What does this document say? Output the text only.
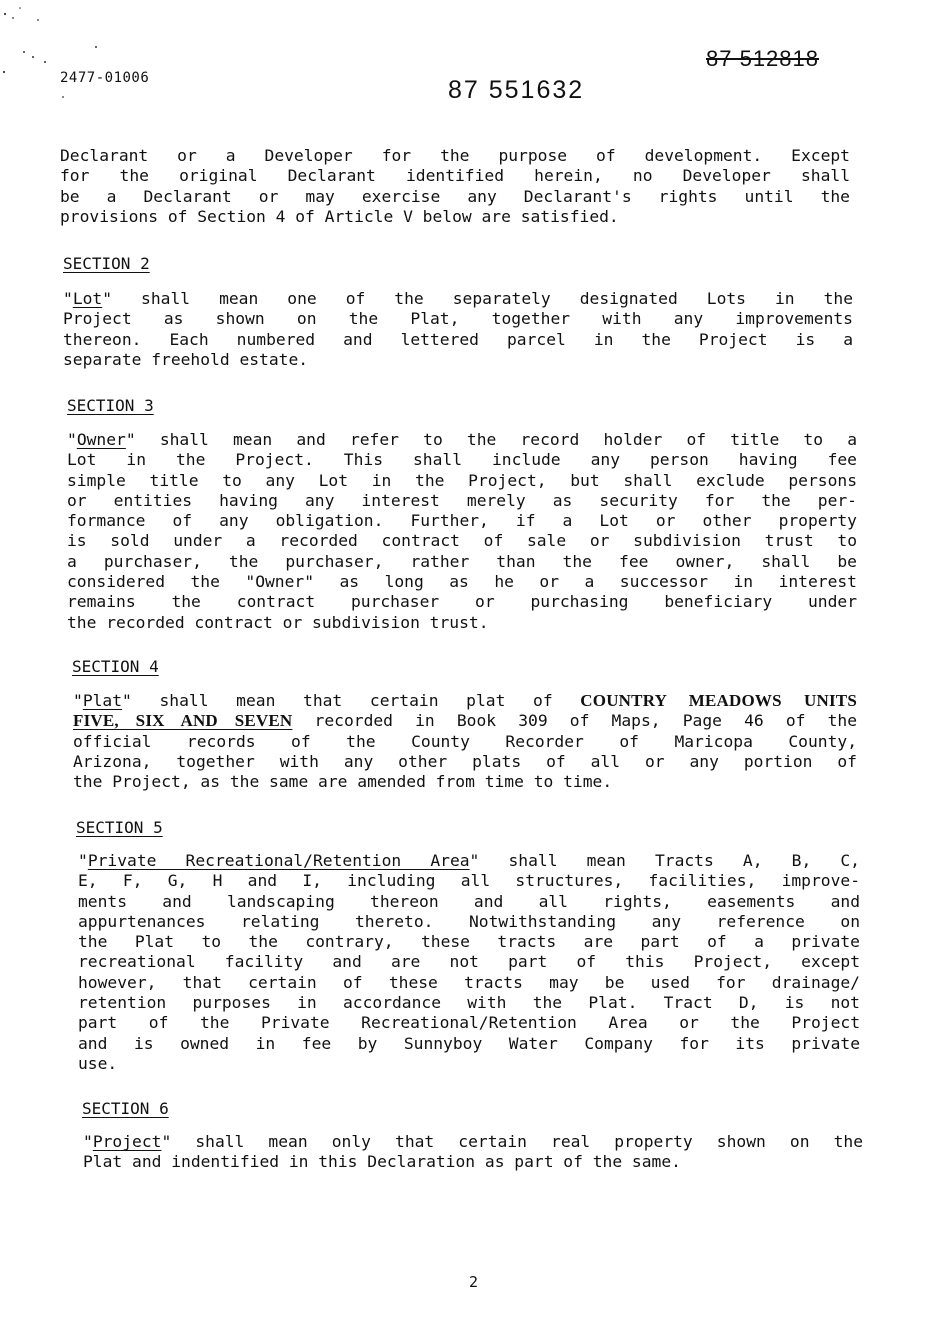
2477-01006
87 512818
87 551632
Declarant or a Developer for the purpose of development. Except
for the original Declarant identified herein, no Developer shall
be a Declarant or may exercise any Declarant's rights until the
provisions of Section 4 of Article V below are satisfied.
SECTION 2
"Lot" shall mean one of the separately designated Lots in the
Project as shown on the Plat, together with any improvements
thereon. Each numbered and lettered parcel in the Project is a
separate freehold estate.
SECTION 3
"Owner" shall mean and refer to the record holder of title to a
Lot in the Project. This shall include any person having fee
simple title to any Lot in the Project, but shall exclude persons
or entities having any interest merely as security for the per-
formance of any obligation. Further, if a Lot or other property
is sold under a recorded contract of sale or subdivision trust to
a purchaser, the purchaser, rather than the fee owner, shall be
considered the "Owner" as long as he or a successor in interest
remains the contract purchaser or purchasing beneficiary under
the recorded contract or subdivision trust.
SECTION 4
"Plat" shall mean that certain plat of COUNTRY MEADOWS UNITS
FIVE, SIX AND SEVEN recorded in Book 309 of Maps, Page 46 of the
official records of the County Recorder of Maricopa County,
Arizona, together with any other plats of all or any portion of
the Project, as the same are amended from time to time.
SECTION 5
"Private Recreational/Retention Area" shall mean Tracts A, B, C,
E, F, G, H and I, including all structures, facilities, improve-
ments and landscaping thereon and all rights, easements and
appurtenances relating thereto. Notwithstanding any reference on
the Plat to the contrary, these tracts are part of a private
recreational facility and are not part of this Project, except
however, that certain of these tracts may be used for drainage/
retention purposes in accordance with the Plat. Tract D, is not
part of the Private Recreational/Retention Area or the Project
and is owned in fee by Sunnyboy Water Company for its private
use.
SECTION 6
"Project" shall mean only that certain real property shown on the
Plat and indentified in this Declaration as part of the same.
2
